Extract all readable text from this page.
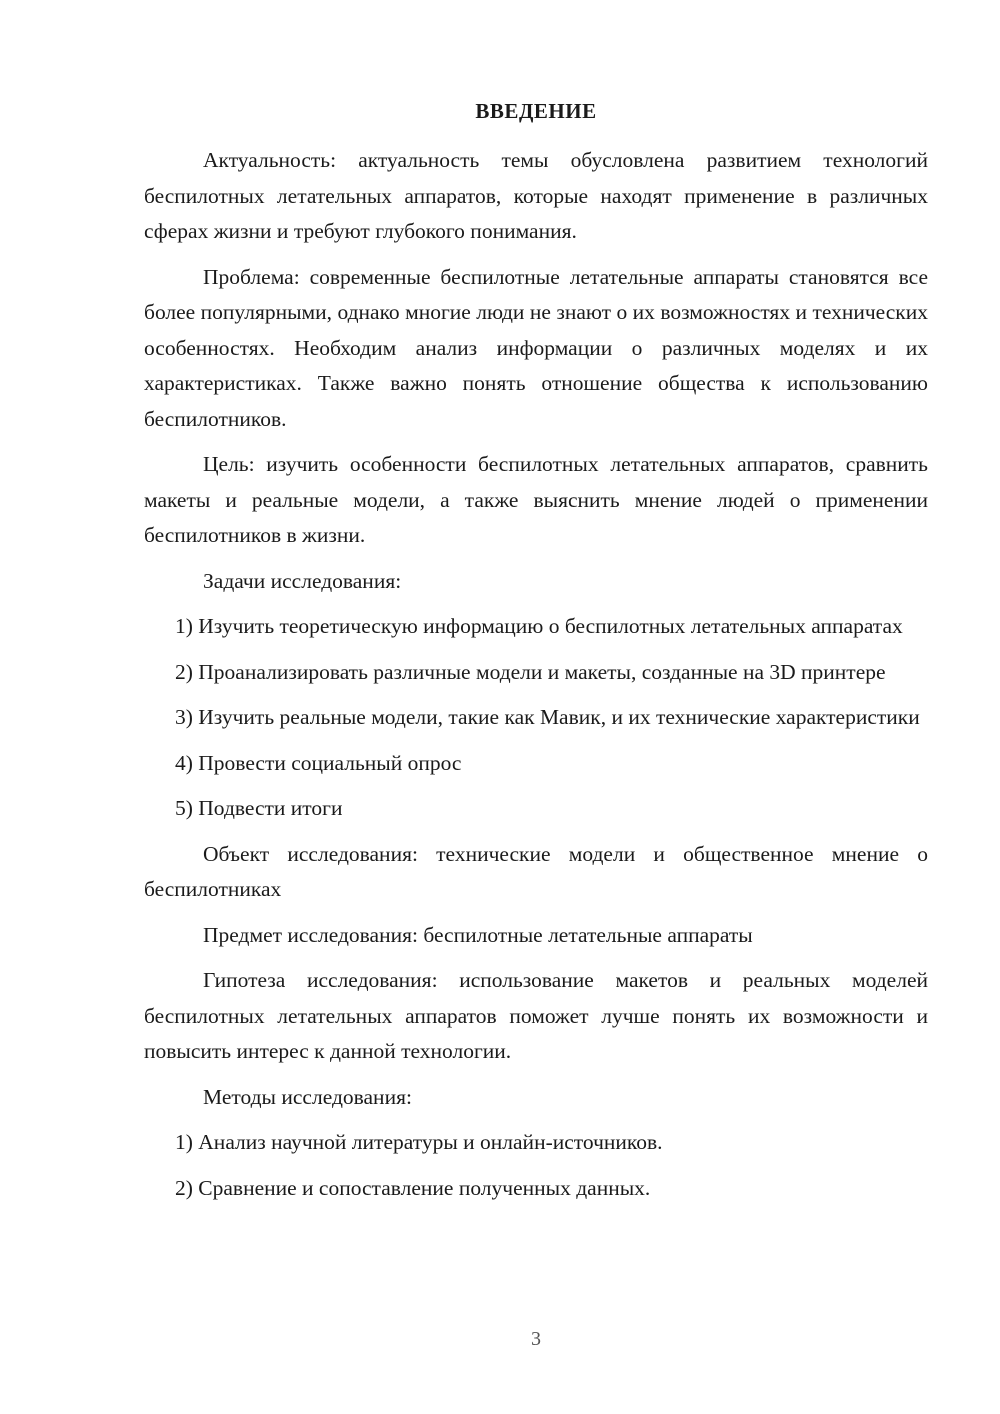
ВВЕДЕНИЕ

Актуальность: актуальность темы обусловлена развитием технологий беспилотных летательных аппаратов, которые находят применение в различных сферах жизни и требуют глубокого понимания.

Проблема: современные беспилотные летательные аппараты становятся все более популярными, однако многие люди не знают о их возможностях и технических особенностях. Необходим анализ информации о различных моделях и их характеристиках. Также важно понять отношение общества к использованию беспилотников.

Цель: изучить особенности беспилотных летательных аппаратов, сравнить макеты и реальные модели, а также выяснить мнение людей о применении беспилотников в жизни.

Задачи исследования:

1) Изучить теоретическую информацию о беспилотных летательных аппаратах

2) Проанализировать различные модели и макеты, созданные на 3D принтере

3) Изучить реальные модели, такие как Мавик, и их технические характеристики

4) Провести социальный опрос

5) Подвести итоги

Объект исследования: технические модели и общественное мнение о беспилотниках

Предмет исследования: беспилотные летательные аппараты

Гипотеза исследования: использование макетов и реальных моделей беспилотных летательных аппаратов поможет лучше понять их возможности и повысить интерес к данной технологии.

Методы исследования:

1) Анализ научной литературы и онлайн-источников.

2) Сравнение и сопоставление полученных данных.

3
